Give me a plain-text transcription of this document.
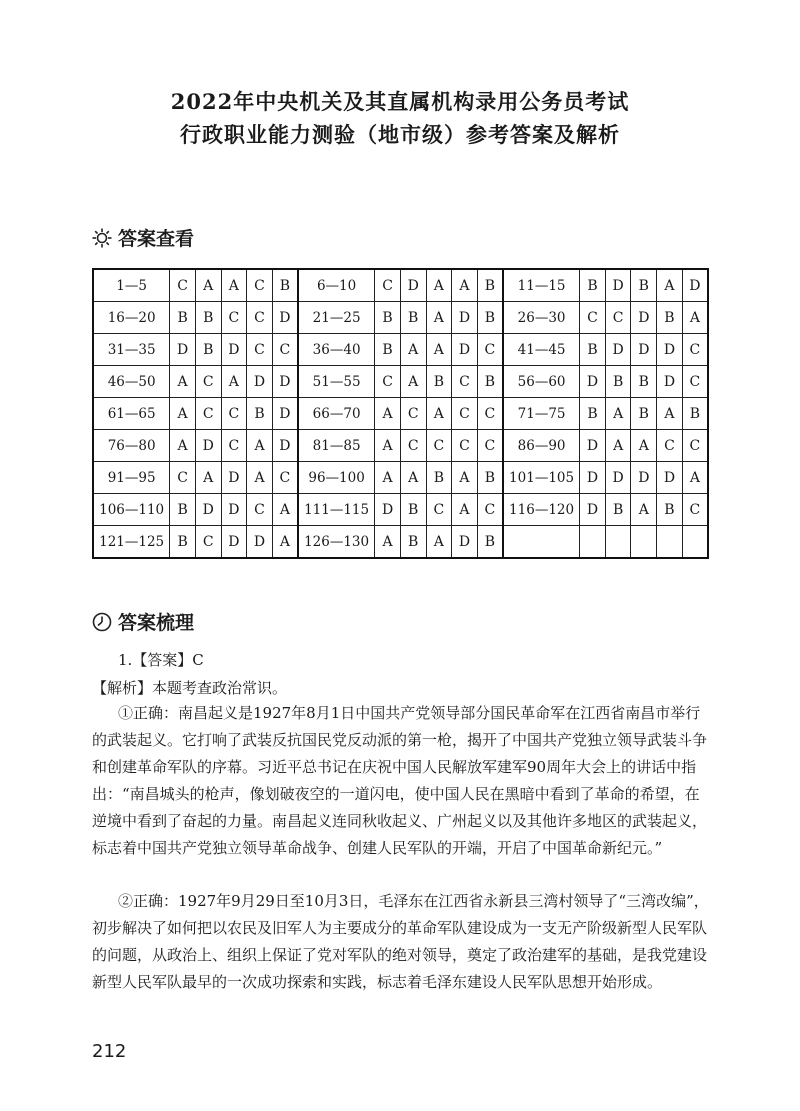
2022年中央机关及其直属机构录用公务员考试
行政职业能力测验（地市级）参考答案及解析
答案查看
1—5	C	A	A	C	B	6—10	C	D	A	A	B	11—15	B	D	B	A	D
16—20	B	B	C	C	D	21—25	B	B	A	D	B	26—30	C	C	D	B	A
31—35	D	B	D	C	C	36—40	B	A	A	D	C	41—45	B	D	D	D	C
46—50	A	C	A	D	D	51—55	C	A	B	C	B	56—60	D	B	B	D	C
61—65	A	C	C	B	D	66—70	A	C	A	C	C	71—75	B	A	B	A	B
76—80	A	D	C	A	D	81—85	A	C	C	C	C	86—90	D	A	A	C	C
91—95	C	A	D	A	C	96—100	A	A	B	A	B	101—105	D	D	D	D	A
106—110	B	D	D	C	A	111—115	D	B	C	A	C	116—120	D	B	A	B	C
121—125	B	C	D	D	A	126—130	A	B	A	D	B						
答案梳理
1.【答案】C
【解析】本题考查政治常识。
①正确：南昌起义是1927年8月1日中国共产党领导部分国民革命军在江西省南昌市举行的武装起义。它打响了武装反抗国民党反动派的第一枪，揭开了中国共产党独立领导武装斗争和创建革命军队的序幕。习近平总书记在庆祝中国人民解放军建军90周年大会上的讲话中指出：“南昌城头的枪声，像划破夜空的一道闪电，使中国人民在黑暗中看到了革命的希望，在逆境中看到了奋起的力量。南昌起义连同秋收起义、广州起义以及其他许多地区的武装起义，标志着中国共产党独立领导革命战争、创建人民军队的开端，开启了中国革命新纪元。”
②正确：1927年9月29日至10月3日，毛泽东在江西省永新县三湾村领导了“三湾改编”，初步解决了如何把以农民及旧军人为主要成分的革命军队建设成为一支无产阶级新型人民军队的问题，从政治上、组织上保证了党对军队的绝对领导，奠定了政治建军的基础，是我党建设新型人民军队最早的一次成功探索和实践，标志着毛泽东建设人民军队思想开始形成。
212
